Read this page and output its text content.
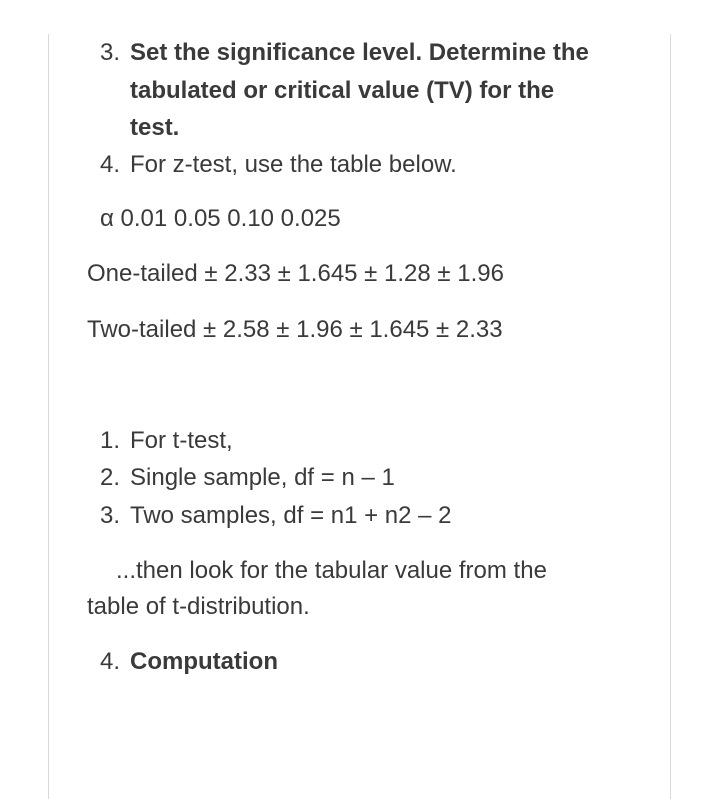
3. Set the significance level. Determine the
tabulated or critical value (TV) for the
test.
4. For z-test, use the table below.
α 0.01 0.05 0.10 0.025
One-tailed ± 2.33 ± 1.645 ± 1.28 ± 1.96
Two-tailed ± 2.58 ± 1.96 ± 1.645 ± 2.33
1. For t-test,
2. Single sample, df = n – 1
3. Two samples, df = n1 + n2 – 2
...then look for the tabular value from the
table of t-distribution.
4. Computation
